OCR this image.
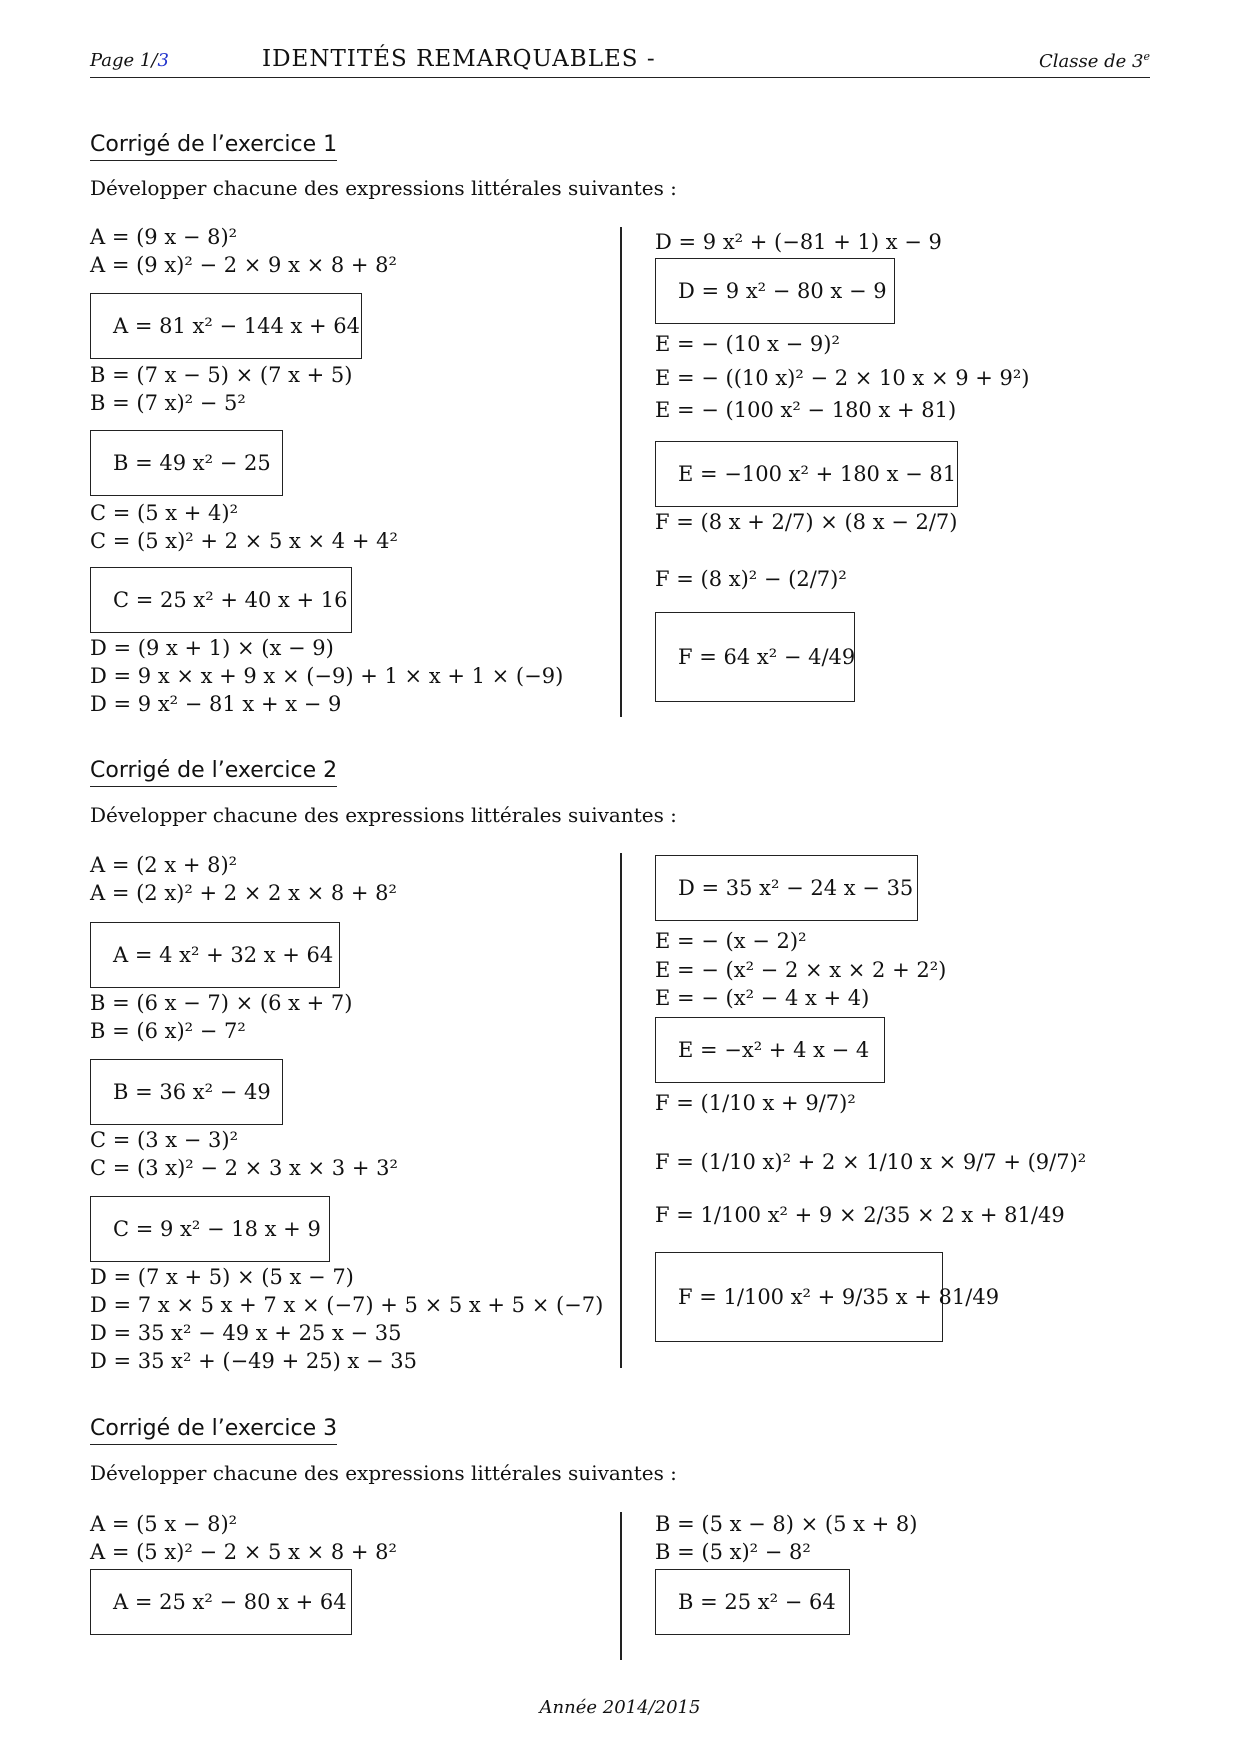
Page 1/3	IDENTITÉS REMARQUABLES -	Classe de 3e
Corrigé de l’exercice 1
Développer chacune des expressions littérales suivantes :
A = (9 x − 8)²
A = (9 x)² − 2 × 9 x × 8 + 8²
A = 81 x² − 144 x + 64
B = (7 x − 5) × (7 x + 5)
B = (7 x)² − 5²
B = 49 x² − 25
C = (5 x + 4)²
C = (5 x)² + 2 × 5 x × 4 + 4²
C = 25 x² + 40 x + 16
D = (9 x + 1) × (x − 9)
D = 9 x × x + 9 x × (−9) + 1 × x + 1 × (−9)
D = 9 x² − 81 x + x − 9
D = 9 x² + (−81 + 1) x − 9
D = 9 x² − 80 x − 9
E = − (10 x − 9)²
E = − ((10 x)² − 2 × 10 x × 9 + 9²)
E = − (100 x² − 180 x + 81)
E = −100 x² + 180 x − 81
F = (8 x + 2/7) × (8 x − 2/7)
F = (8 x)² − (2/7)²
F = 64 x² − 4/49
Corrigé de l’exercice 2
Développer chacune des expressions littérales suivantes :
A = (2 x + 8)²
A = (2 x)² + 2 × 2 x × 8 + 8²
A = 4 x² + 32 x + 64
B = (6 x − 7) × (6 x + 7)
B = (6 x)² − 7²
B = 36 x² − 49
C = (3 x − 3)²
C = (3 x)² − 2 × 3 x × 3 + 3²
C = 9 x² − 18 x + 9
D = (7 x + 5) × (5 x − 7)
D = 7 x × 5 x + 7 x × (−7) + 5 × 5 x + 5 × (−7)
D = 35 x² − 49 x + 25 x − 35
D = 35 x² + (−49 + 25) x − 35
D = 35 x² − 24 x − 35
E = − (x − 2)²
E = − (x² − 2 × x × 2 + 2²)
E = − (x² − 4 x + 4)
E = −x² + 4 x − 4
F = (1/10 x + 9/7)²
F = (1/10 x)² + 2 × 1/10 x × 9/7 + (9/7)²
F = 1/100 x² + 9 × 2/35 × 2 x + 81/49
F = 1/100 x² + 9/35 x + 81/49
Corrigé de l’exercice 3
Développer chacune des expressions littérales suivantes :
A = (5 x − 8)²
A = (5 x)² − 2 × 5 x × 8 + 8²
A = 25 x² − 80 x + 64
B = (5 x − 8) × (5 x + 8)
B = (5 x)² − 8²
B = 25 x² − 64
Année 2014/2015
